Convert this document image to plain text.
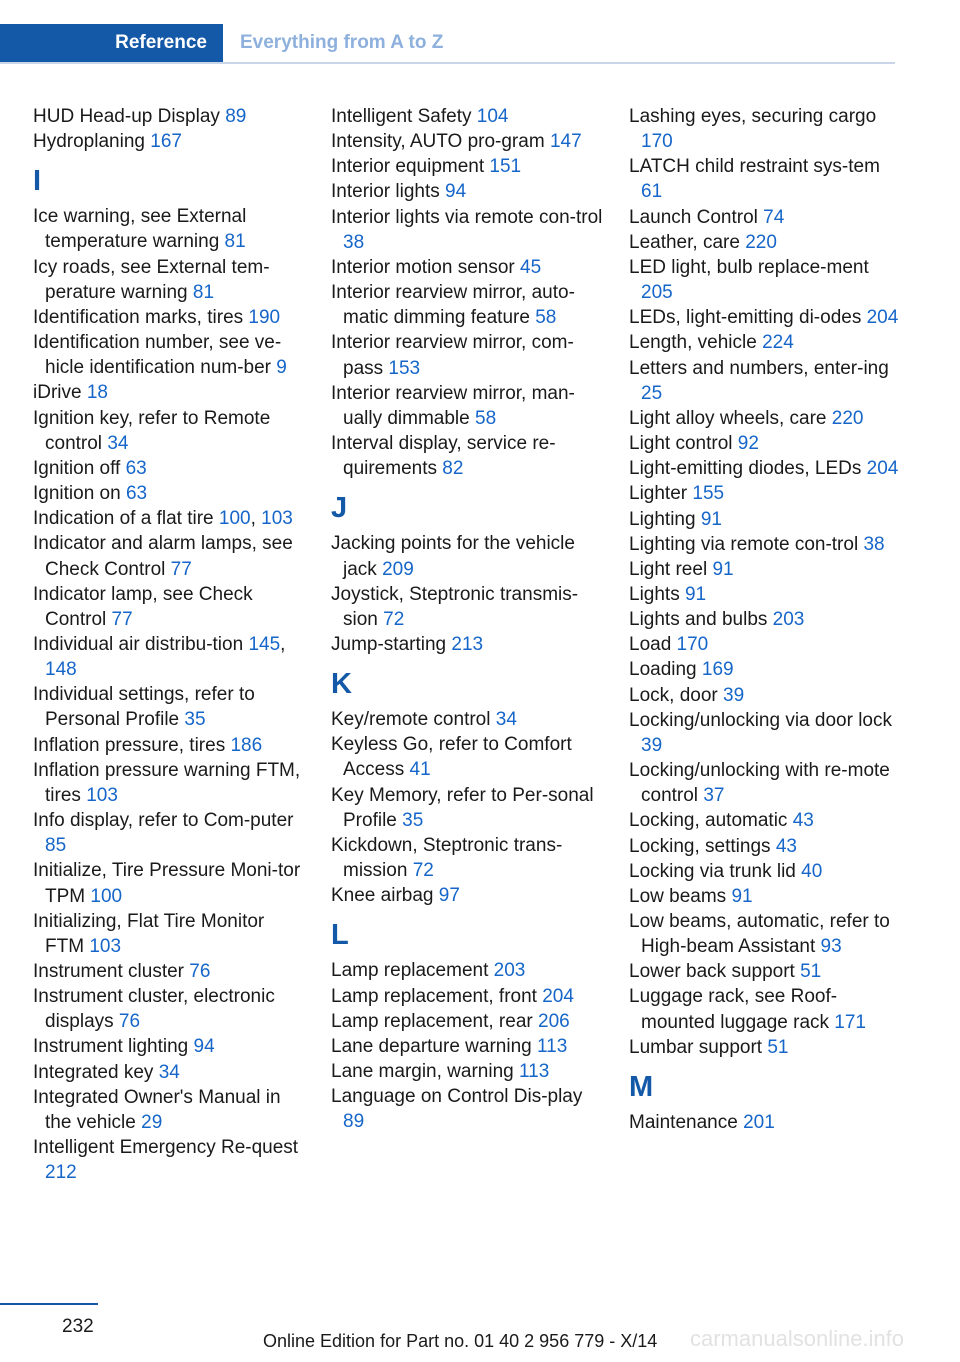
Reference Everything from A to Z
HUD Head-up Display 89
Hydroplaning 167
I
Ice warning, see External temperature warning 81
Icy roads, see External tem‐perature warning 81
Identification marks, tires 190
Identification number, see ve‐hicle identification num‐ber 9
iDrive 18
Ignition key, refer to Remote control 34
Ignition off 63
Ignition on 63
Indication of a flat tire 100, 103
Indicator and alarm lamps, see Check Control 77
Indicator lamp, see Check Control 77
Individual air distribu‐tion 145, 148
Individual settings, refer to Personal Profile 35
Inflation pressure, tires 186
Inflation pressure warning FTM, tires 103
Info display, refer to Com‐puter 85
Initialize, Tire Pressure Moni‐tor TPM 100
Initializing, Flat Tire Monitor FTM 103
Instrument cluster 76
Instrument cluster, electronic displays 76
Instrument lighting 94
Integrated key 34
Integrated Owner's Manual in the vehicle 29
Intelligent Emergency Re‐quest 212
Intelligent Safety 104
Intensity, AUTO pro‐gram 147
Interior equipment 151
Interior lights 94
Interior lights via remote con‐trol 38
Interior motion sensor 45
Interior rearview mirror, auto‐matic dimming feature 58
Interior rearview mirror, com‐pass 153
Interior rearview mirror, man‐ually dimmable 58
Interval display, service re‐quirements 82
J
Jacking points for the vehicle jack 209
Joystick, Steptronic transmis‐sion 72
Jump-starting 213
K
Key/remote control 34
Keyless Go, refer to Comfort Access 41
Key Memory, refer to Per‐sonal Profile 35
Kickdown, Steptronic trans‐mission 72
Knee airbag 97
L
Lamp replacement 203
Lamp replacement, front 204
Lamp replacement, rear 206
Lane departure warning 113
Lane margin, warning 113
Language on Control Dis‐play 89
Lashing eyes, securing cargo 170
LATCH child restraint sys‐tem 61
Launch Control 74
Leather, care 220
LED light, bulb replace‐ment 205
LEDs, light-emitting di‐odes 204
Length, vehicle 224
Letters and numbers, enter‐ing 25
Light alloy wheels, care 220
Light control 92
Light-emitting diodes, LEDs 204
Lighter 155
Lighting 91
Lighting via remote con‐trol 38
Light reel 91
Lights 91
Lights and bulbs 203
Load 170
Loading 169
Lock, door 39
Locking/unlocking via door lock 39
Locking/unlocking with re‐mote control 37
Locking, automatic 43
Locking, settings 43
Locking via trunk lid 40
Low beams 91
Low beams, automatic, refer to High-beam Assistant 93
Lower back support 51
Luggage rack, see Roof-mounted luggage rack 171
Lumbar support 51
M
Maintenance 201
232
Online Edition for Part no. 01 40 2 956 779 - X/14 carmanualsonline.info
